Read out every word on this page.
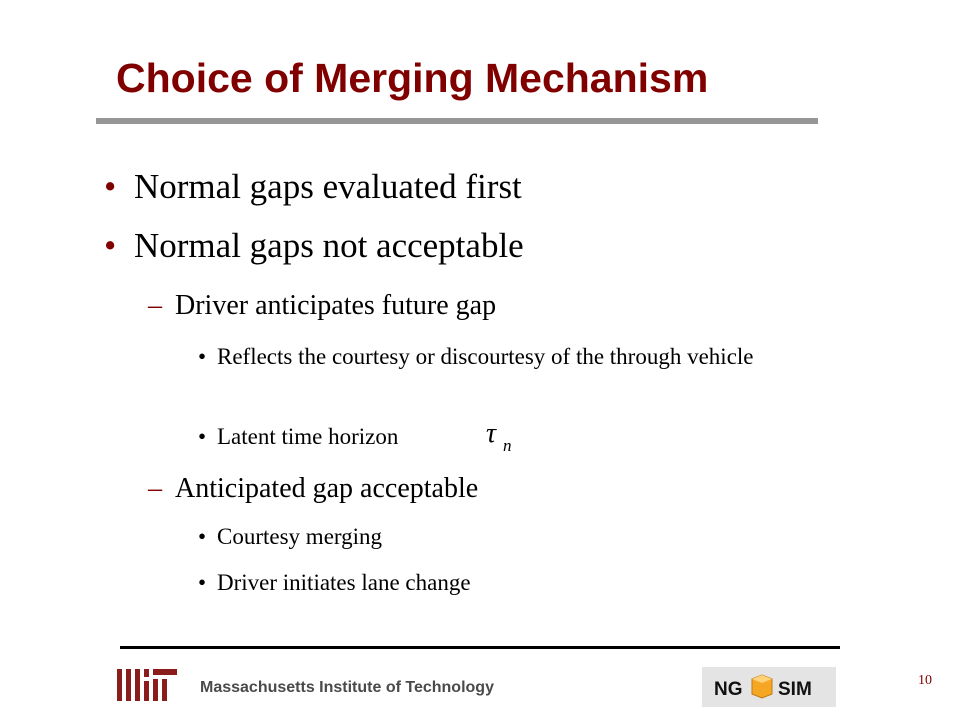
Choice of Merging Mechanism
• Normal gaps evaluated first
• Normal gaps not acceptable
– Driver anticipates future gap
• Reflects the courtesy or discourtesy of the through vehicle
• Latent time horizon	τ n
– Anticipated gap acceptable
• Courtesy merging
• Driver initiates lane change
Massachusetts Institute of Technology	NG SIM	10
